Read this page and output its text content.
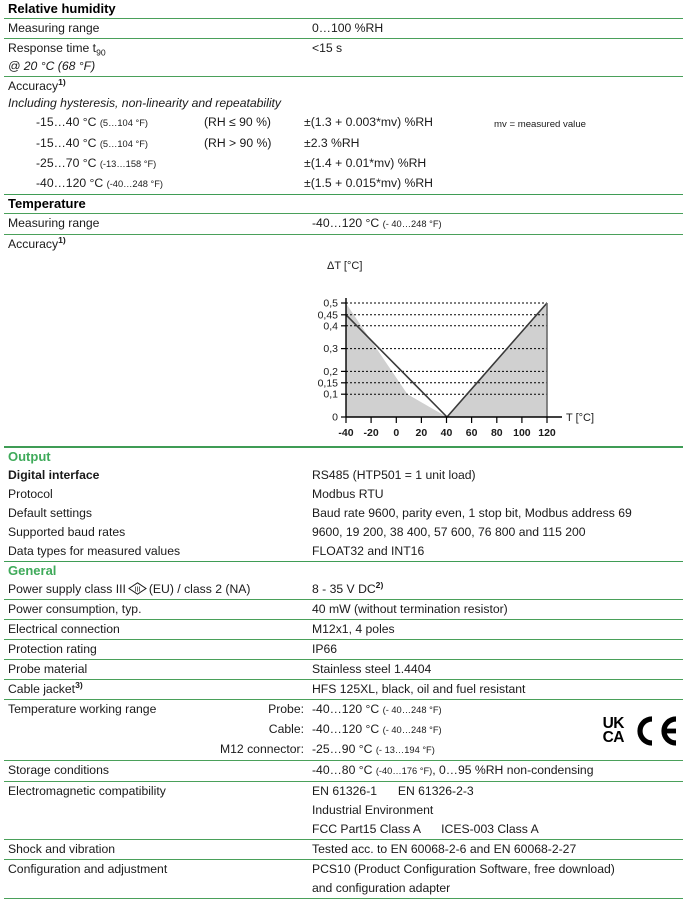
Relative humidity
Measuring range	0…100 %RH
Response time $t_{90}$	<15 s
@ 20 °C (68 °F)
Accuracy$^{1)}$
Including hysteresis, non-linearity and repeatability
-15…40 °C (5…104 °F)	(RH ≤ 90 %)	±(1.3 + 0.003*mv) %RH	mv = measured value
-15…40 °C (5…104 °F)	(RH > 90 %)	±2.3 %RH
-25…70 °C (-13…158 °F)	±(1.4 + 0.01*mv) %RH
-40…120 °C (-40…248 °F)	±(1.5 + 0.015*mv) %RH
Temperature
Measuring range	-40…120 °C (- 40…248 °F)
Accuracy$^{1)}$
ΔT [°C]
0,5
0,45
0,4
0,3
0,2
0,15
0,1
0
-40 -20 0 20 40 60 80 100 120
T [°C]
Output
Digital interface	RS485 (HTP501 = 1 unit load)
Protocol	Modbus RTU
Default settings	Baud rate 9600, parity even, 1 stop bit, Modbus address 69
Supported baud rates	9600, 19 200, 38 400, 57 600, 76 800 and 115 200
Data types for measured values	FLOAT32 and INT16
General
Power supply class III III (EU) / class 2 (NA)	8 - 35 V DC$^{2)}$
Power consumption, typ.	40 mW (without termination resistor)
Electrical connection	M12x1, 4 poles
Protection rating	IP66
Probe material	Stainless steel 1.4404
Cable jacket$^{3)}$	HFS 125XL, black, oil and fuel resistant
Temperature working range	Probe: -40…120 °C (- 40…248 °F)
Cable: -40…120 °C (- 40…248 °F)
M12 connector: -25…90 °C (- 13…194 °F)
Storage conditions	-40…80 °C (-40…176 °F), 0…95 %RH non-condensing
Electromagnetic compatibility	EN 61326-1 EN 61326-2-3
Industrial Environment
FCC Part15 Class A ICES-003 Class A
Shock and vibration	Tested acc. to EN 60068-2-6 and EN 60068-2-27
Configuration and adjustment	PCS10 (Product Configuration Software, free download)
and configuration adapter
UK
CA
